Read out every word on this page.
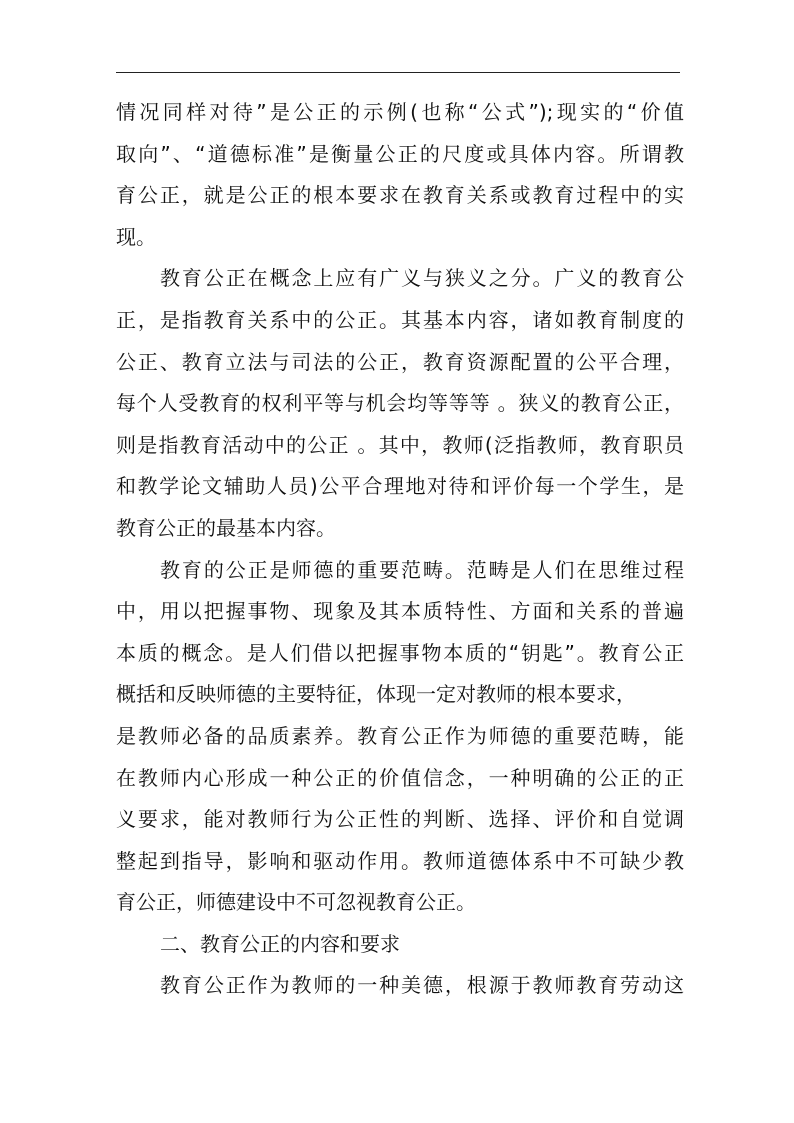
情况同样对待”是公正的示例(也称“公式”);现实的“价值
取向”、“道德标准”是衡量公正的尺度或具体内容。所谓教
育公正，就是公正的根本要求在教育关系或教育过程中的实
现。
教育公正在概念上应有广义与狭义之分。广义的教育公
正，是指教育关系中的公正。其基本内容，诸如教育制度的
公正、教育立法与司法的公正，教育资源配置的公平合理，
每个人受教育的权利平等与机会均等等等 。狭义的教育公正，
则是指教育活动中的公正 。其中，教师(泛指教师，教育职员
和教学论文辅助人员)公平合理地对待和评价每一个学生，是
教育公正的最基本内容。
教育的公正是师德的重要范畴。范畴是人们在思维过程
中，用以把握事物、现象及其本质特性、方面和关系的普遍
本质的概念。是人们借以把握事物本质的“钥匙”。教育公正
概括和反映师德的主要特征，体现一定对教师的根本要求，
是教师必备的品质素养。教育公正作为师德的重要范畴，能
在教师内心形成一种公正的价值信念，一种明确的公正的正
义要求，能对教师行为公正性的判断、选择、评价和自觉调
整起到指导，影响和驱动作用。教师道德体系中不可缺少教
育公正，师德建设中不可忽视教育公正。
二、教育公正的内容和要求
教育公正作为教师的一种美德，根源于教师教育劳动这
